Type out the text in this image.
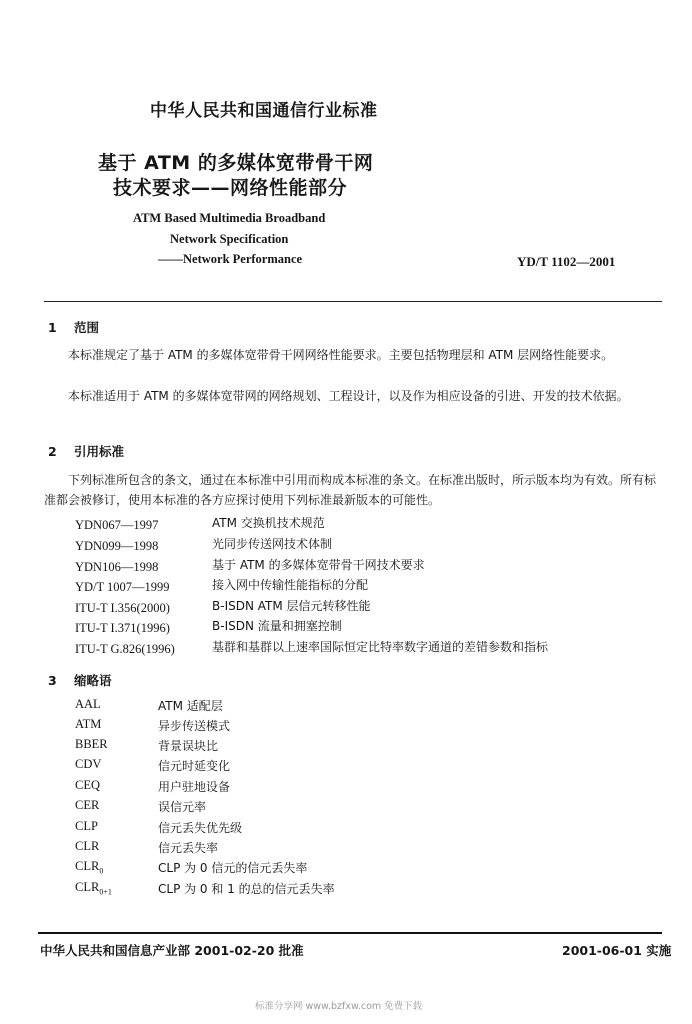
中华人民共和国通信行业标准
基于 ATM 的多媒体宽带骨干网
技术要求——网络性能部分
ATM Based Multimedia Broadband
Network Specification
——Network Performance	YD/T 1102—2001
1 范围
本标准规定了基于 ATM 的多媒体宽带骨干网网络性能要求。主要包括物理层和 ATM 层网络性能要求。
本标准适用于 ATM 的多媒体宽带网的网络规划、工程设计，以及作为相应设备的引进、开发的技术依据。
2 引用标准
下列标准所包含的条文，通过在本标准中引用而构成本标准的条文。在标准出版时，所示版本均为有效。所有标准都会被修订，使用本标准的各方应探讨使用下列标准最新版本的可能性。
YDN067—1997	ATM 交换机技术规范
YDN099—1998	光同步传送网技术体制
YDN106—1998	基于 ATM 的多媒体宽带骨干网技术要求
YD/T 1007—1999	接入网中传输性能指标的分配
ITU-T I.356(2000)	B-ISDN ATM 层信元转移性能
ITU-T I.371(1996)	B-ISDN 流量和拥塞控制
ITU-T G.826(1996)	基群和基群以上速率国际恒定比特率数字通道的差错参数和指标
3 缩略语
AAL	ATM 适配层
ATM	异步传送模式
BBER	背景误块比
CDV	信元时延变化
CEQ	用户驻地设备
CER	误信元率
CLP	信元丢失优先级
CLR	信元丢失率
$CLR_0$	CLP 为 0 信元的信元丢失率
$CLR_{0+1}$	CLP 为 0 和 1 的总的信元丢失率
中华人民共和国信息产业部 2001-02-20 批准	2001-06-01 实施
标准分享网 www.bzfxw.com 免费下载
